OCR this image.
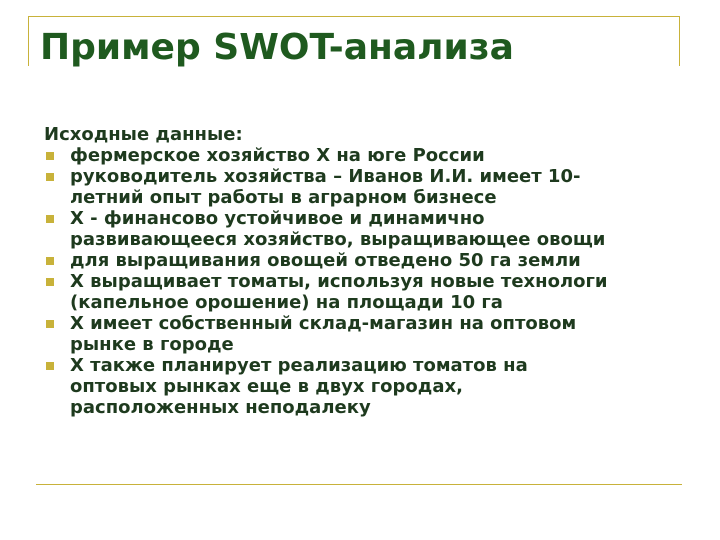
Пример SWOT-анализа

Исходные данные:

фермерское хозяйство X на юге России
руководитель хозяйства – Иванов И.И. имеет 10-
летний опыт работы в аграрном бизнесе
X - финансово устойчивое и динамично
развивающееся хозяйство, выращивающее овощи
для выращивания овощей отведено 50 га земли
X выращивает томаты, используя новые технологи
(капельное орошение) на площади 10 га
X имеет собственный склад-магазин на оптовом
рынке в городе
X также планирует реализацию томатов на
оптовых рынках еще в двух городах,
расположенных неподалеку
